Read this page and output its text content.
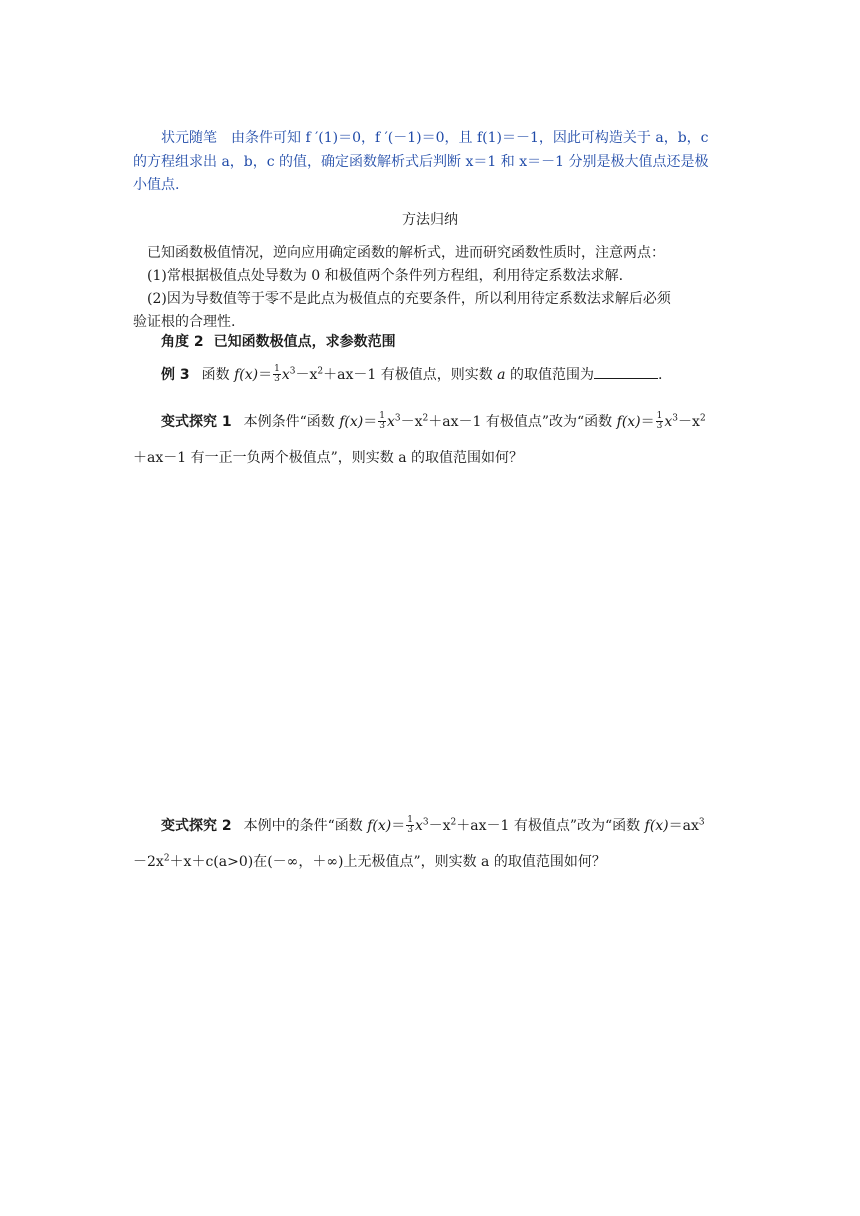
状元随笔 由条件可知 f ′(1)＝0，f ′(－1)＝0，且 f(1)＝－1，因此可构造关于 a，b，c
的方程组求出 a，b，c 的值，确定函数解析式后判断 x＝1 和 x＝－1 分别是极大值点还是极
小值点.
方法归纳
已知函数极值情况，逆向应用确定函数的解析式，进而研究函数性质时，注意两点：
(1)常根据极值点处导数为 0 和极值两个条件列方程组，利用待定系数法求解.
(2)因为导数值等于零不是此点为极值点的充要条件，所以利用待定系数法求解后必须
验证根的合理性.
角度 2 已知函数极值点，求参数范围
例 3 函数 $f(x)= \frac{1}{3} x^3-x^2+ax-1$ 有极值点，则实数 a 的取值范围为	.
变式探究 1 本例条件“函数 $f(x)= \frac{1}{3} x^3-x^2+ax-1$ 有极值点”改为“函数 $f(x)= \frac{1}{3} x^3-x^2$
＋ax－1 有一正一负两个极值点”，则实数 a 的取值范围如何？
变式探究 2 本例中的条件“函数 $f(x)= \frac{1}{3} x^3-x^2+ax-1$ 有极值点”改为“函数 $f(x)=ax^3$
$-2x^2+x+c(a>0)$在(－∞，＋∞)上无极值点”，则实数 a 的取值范围如何？
